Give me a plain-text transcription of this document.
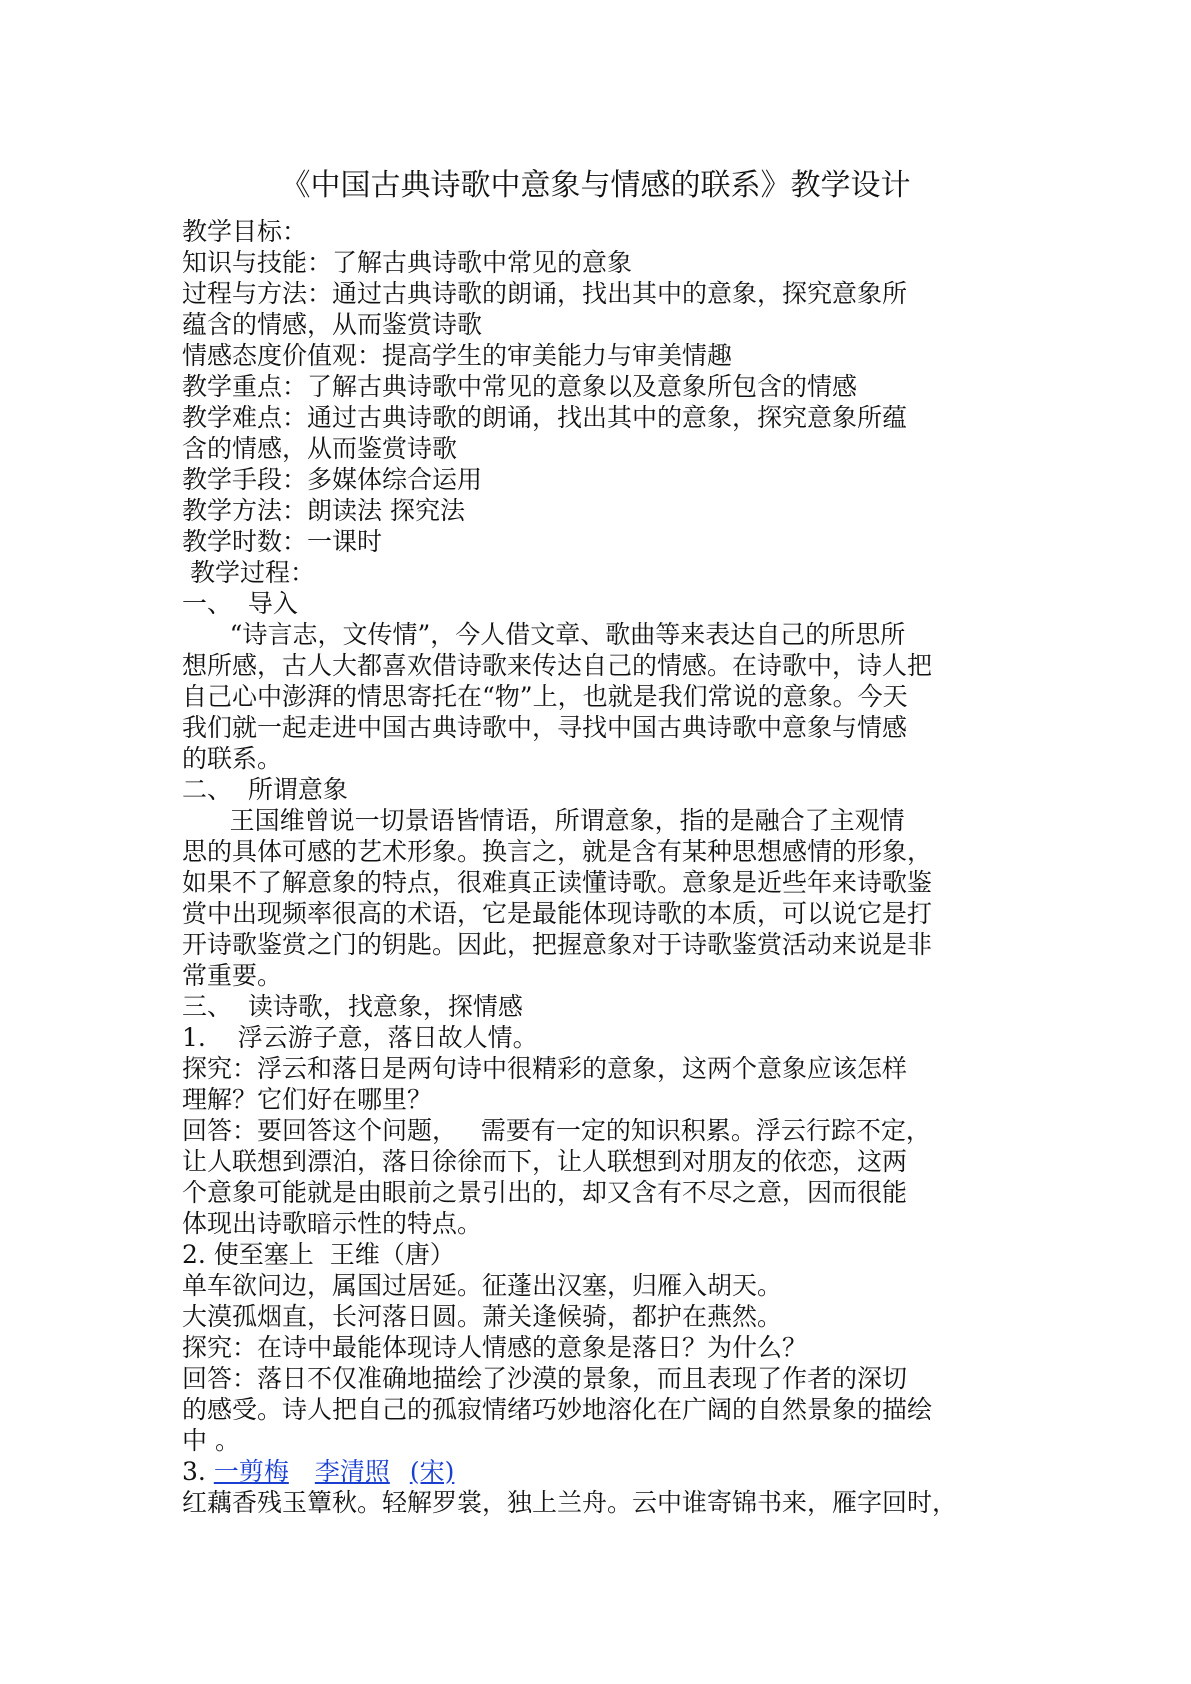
《中国古典诗歌中意象与情感的联系》教学设计
教学目标：
知识与技能：了解古典诗歌中常见的意象
过程与方法：通过古典诗歌的朗诵，找出其中的意象，探究意象所
蕴含的情感，从而鉴赏诗歌
情感态度价值观：提高学生的审美能力与审美情趣
教学重点：了解古典诗歌中常见的意象以及意象所包含的情感
教学难点：通过古典诗歌的朗诵，找出其中的意象，探究意象所蕴
含的情感，从而鉴赏诗歌
教学手段：多媒体综合运用
教学方法：朗读法 探究法
教学时数：一课时
教学过程：
一、  导入
“诗言志，文传情”，今人借文章、歌曲等来表达自己的所思所
想所感，古人大都喜欢借诗歌来传达自己的情感。在诗歌中，诗人把
自己心中澎湃的情思寄托在“物”上，也就是我们常说的意象。今天
我们就一起走进中国古典诗歌中，寻找中国古典诗歌中意象与情感
的联系。
二、  所谓意象
王国维曾说一切景语皆情语，所谓意象，指的是融合了主观情
思的具体可感的艺术形象。换言之，就是含有某种思想感情的形象，
如果不了解意象的特点，很难真正读懂诗歌。意象是近些年来诗歌鉴
赏中出现频率很高的术语，它是最能体现诗歌的本质，可以说它是打
开诗歌鉴赏之门的钥匙。因此，把握意象对于诗歌鉴赏活动来说是非
常重要。
三、  读诗歌，找意象，探情感
1.    浮云游子意，落日故人情。
探究：浮云和落日是两句诗中很精彩的意象，这两个意象应该怎样
理解？它们好在哪里？
回答：要回答这个问题，   需要有一定的知识积累。浮云行踪不定，
让人联想到漂泊，落日徐徐而下，让人联想到对朋友的依恋，这两
个意象可能就是由眼前之景引出的，却又含有不尽之意，因而很能
体现出诗歌暗示性的特点。
2. 使至塞上  王维（唐）
单车欲问边，属国过居延。征蓬出汉塞，归雁入胡天。
大漠孤烟直，长河落日圆。萧关逢候骑，都护在燕然。
探究：在诗中最能体现诗人情感的意象是落日？为什么？
回答：落日不仅准确地描绘了沙漠的景象，而且表现了作者的深切
的感受。诗人把自己的孤寂情绪巧妙地溶化在广阔的自然景象的描绘
中 。
3. 一剪梅 李清照 (宋)
红藕香残玉簟秋。轻解罗裳，独上兰舟。云中谁寄锦书来，雁字回时，
